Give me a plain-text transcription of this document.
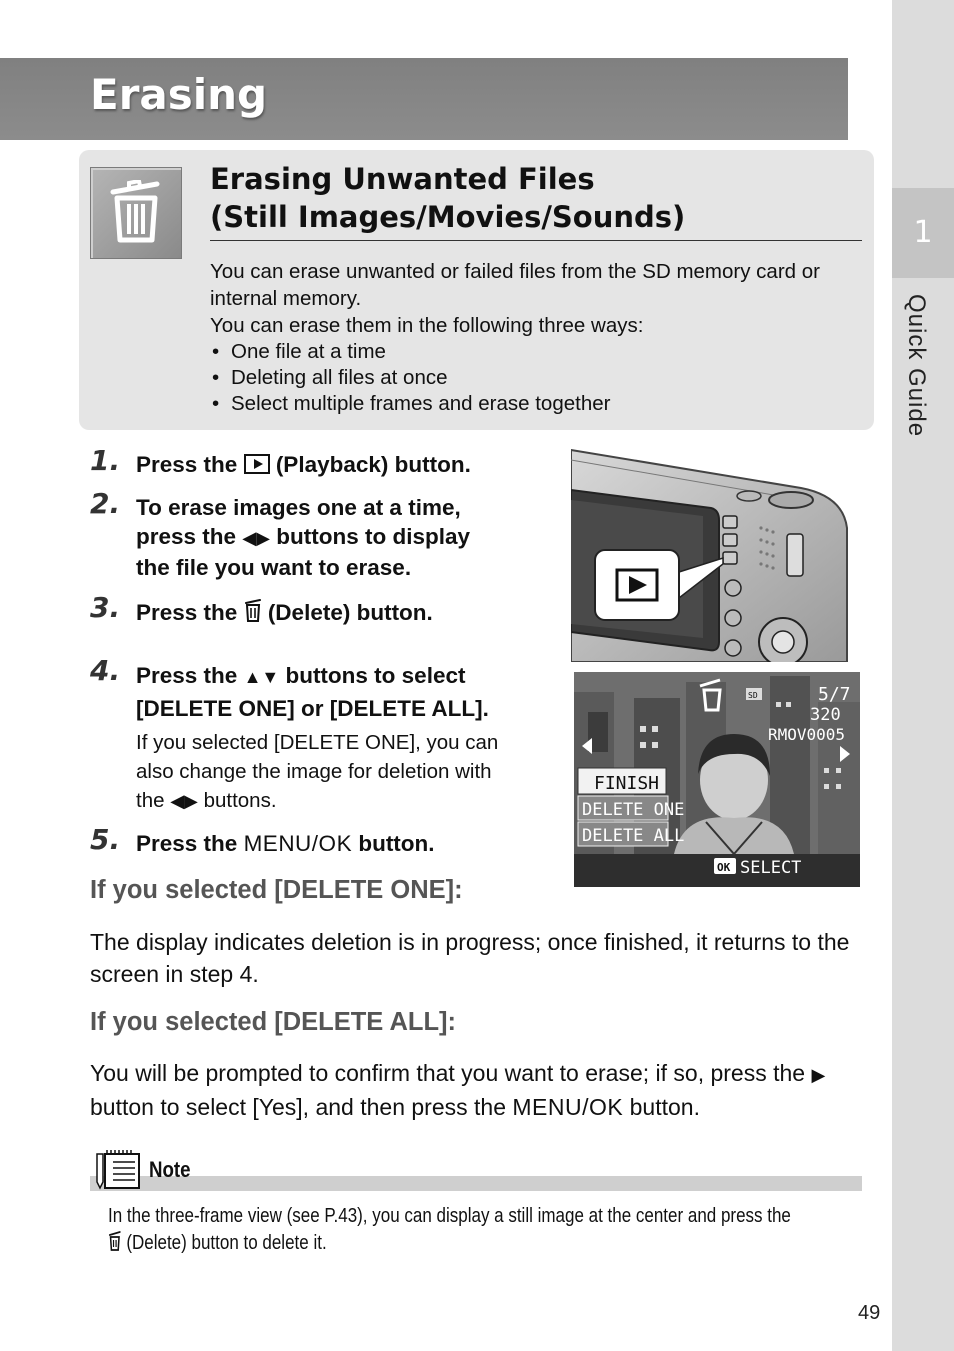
1
Quick Guide
Erasing
Erasing Unwanted Files
(Still Images/Movies/Sounds)

You can erase unwanted or failed files from the SD memory card or internal memory.

You can erase them in the following three ways:

• One file at a time
• Deleting all files at once
• Select multiple frames and erase together
1. Press the  (Playback) button.
2. To erase images one at a time,
press the ◀▶ buttons to display
the file you want to erase.
3. Press the  (Delete) button.
4. Press the ▲▼ buttons to select
[DELETE ONE] or [DELETE ALL].
If you selected [DELETE ONE], you can
also change the image for deletion with
the ◀▶ buttons.
5. Press the MENU/OK button.
FINISH
DELETE ONE
DELETE ALL
SD	5/7
320
RMOV0005
OK SELECT
If you selected [DELETE ONE]:

The display indicates deletion is in progress; once finished, it returns to the screen in step 4.

If you selected [DELETE ALL]:

You will be prompted to confirm that you want to erase; if so, press the ▶ button to select [Yes], and then press the MENU/OK button.

Note

In the three-frame view (see P.43), you can display a still image at the center and press the  (Delete) button to delete it.

49
